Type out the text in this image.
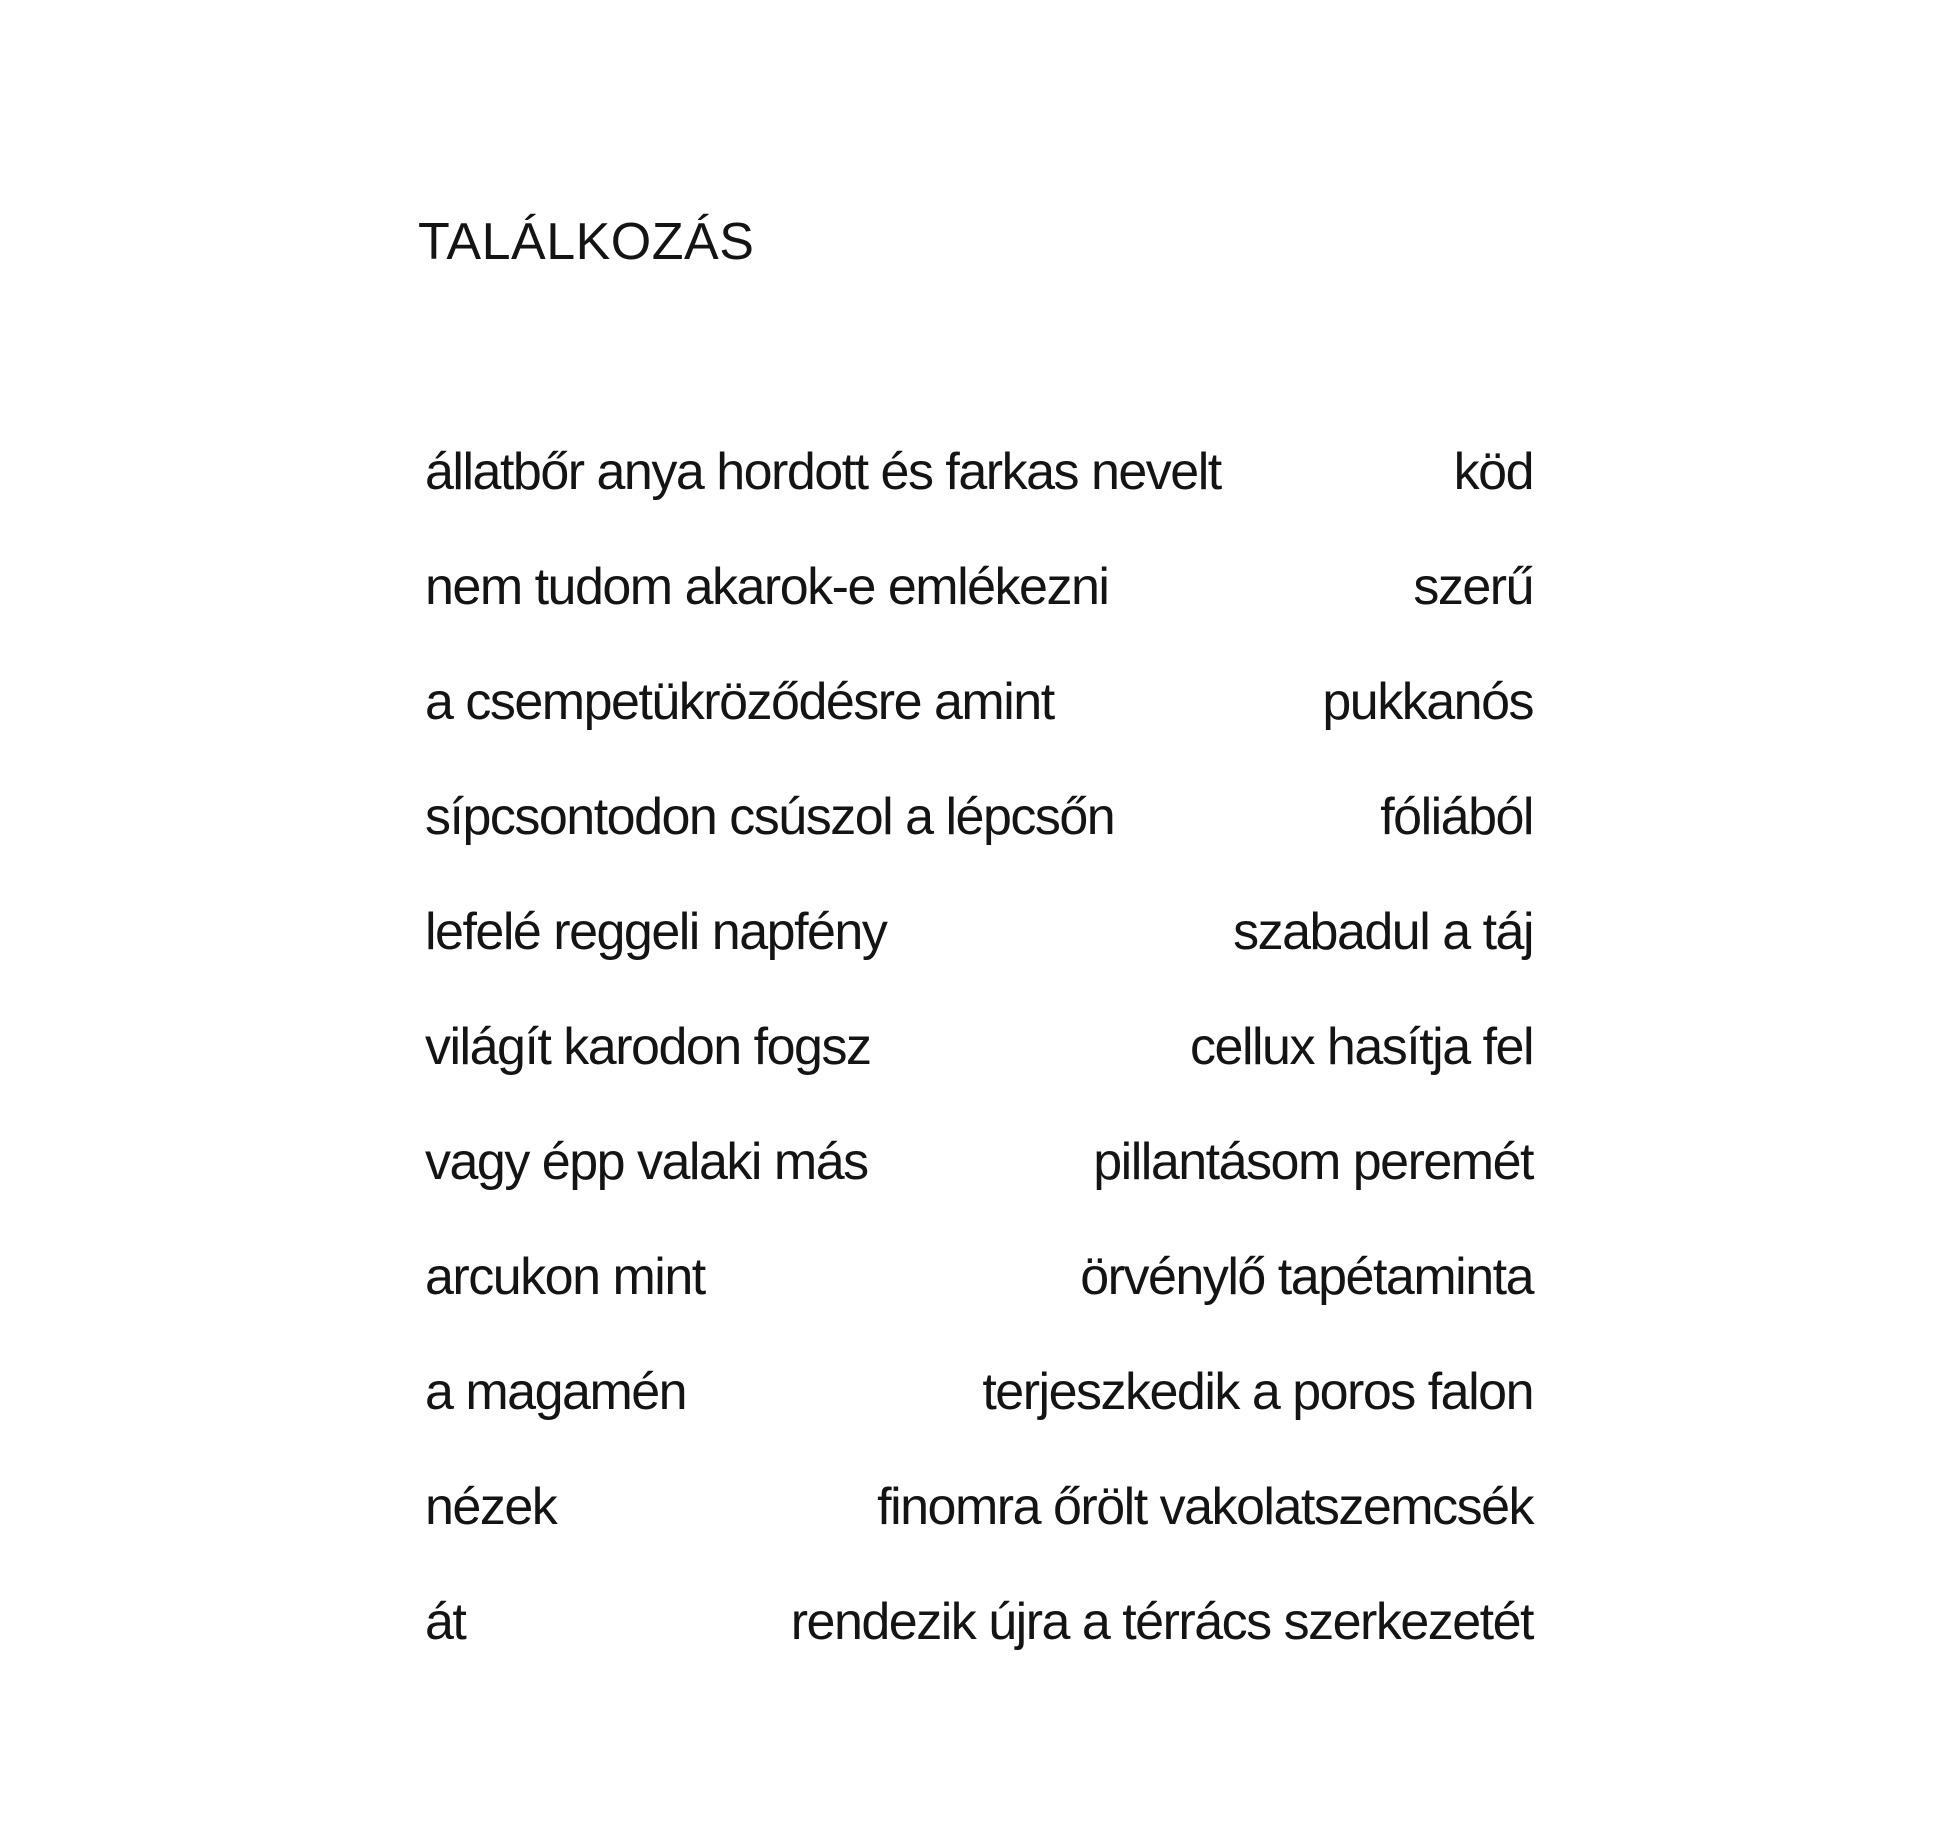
TALÁLKOZÁS
állatbőr anya hordott és farkas nevelt	köd
nem tudom akarok-e emlékezni	szerű
a csempetükröződésre amint	pukkanós
sípcsontodon csúszol a lépcsőn	fóliából
lefelé reggeli napfény	szabadul a táj
világít karodon fogsz	cellux hasítja fel
vagy épp valaki más	pillantásom peremét
arcukon mint	örvénylő tapétaminta
a magamén	terjeszkedik a poros falon
nézek	finomra őrölt vakolatszemcsék
át	rendezik újra a térrács szerkezetét
